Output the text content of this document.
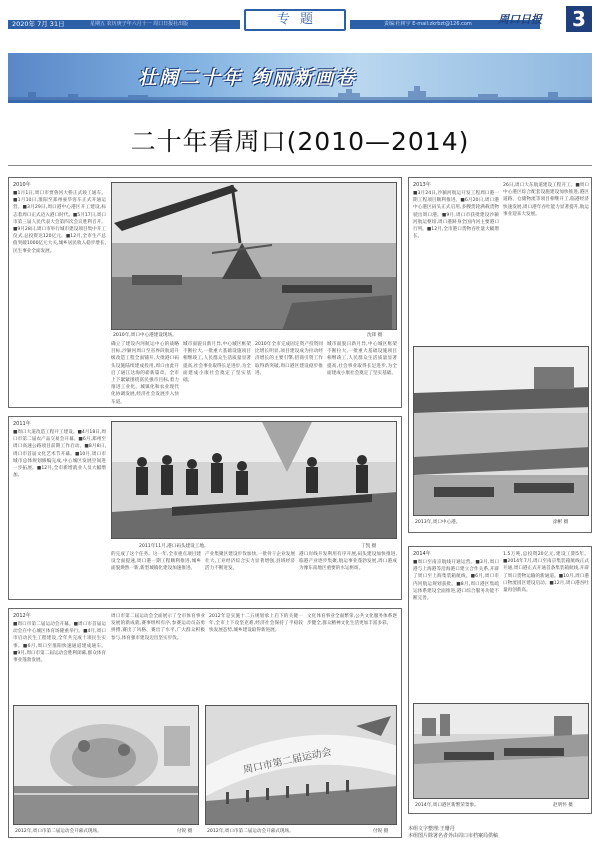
2020年 7月 31日	星期五 农历庚子年六月十一 周口日报社出版	专题	责编:杜树宇 E-mail:zkrbzt@126.com 周口日报	3
壮阔二十年 绚丽新画卷
二十年看周口(2010—2014)
2010年
■1月1日,周口市贾鲁河大桥正式竣工通车。■1月10日,淮阳至郑州豪华客车正式开通运营。■3月29日,周口港中心港区开工建设,标志着周口正式迈入港口时代。■5月17日,周口市第三届人民代表大会第四次会议胜利召开。■9月28日,周口市举行城市建设项目集中开工仪式,总投资达120亿元。■12月,全市生产总值突破1000亿元大关,城乡居民收入稳步增长,民生事业全面发展。
2010年,周口中心港建设现场。	沈锋 摄
确立了建设内河航运中心的战略目标,沙颍河周口至省界段航道升级改造工程全面铺开,大批港口码头设施陆续建成投用,周口由此开启了通江达海的崭新篇章。全市上下紧紧围绕富民强市目标,着力推进工业化、城镇化和农业现代化协调发展,经济社会发展步入快车道。
城市面貌日新月异,中心城区框架不断拉大,一批重大基础设施项目相继竣工,人民群众生活质量显著提高,社会事业取得长足进步,为全面建成小康社会奠定了坚实基础。
2010年全市完成固定资产投资同比增长明显,项目建设成为拉动经济增长的主要引擎,招商引资工作取得新突破,周口港区建设稳步推进。
城市面貌日新月异,中心城区框架不断拉大,一批重大基础设施项目相继竣工,人民群众生活质量显著提高,社会事业取得长足进步,为全面建成小康社会奠定了坚实基础。
2011年
■周口大道改造工程开工建设。■4月18日,周口市第二届农产品交易会开幕。■6月,郑州至周口高速公路项目前期工作启动。■8月8日,周口市首届文化艺术节开幕。■10月,周口市城市总体规划修编完成,中心城区发展空间进一步拓展。■12月,全市新增就业人员大幅增加。
2011年11月,港口码头建设工地。	丁凯 摄
的完成了这个任务。这一年,全市重点项目建设全面提速,周口港一期工程顺利推进,城乡面貌焕然一新,新型城镇化建设加速推进。
产业集聚区建设步伐加快,一批骨干企业发展壮大,工业经济综合实力显著增强,县域经济活力不断迸发。
港口岸线开发利用有序开展,码头建设加快推进,临港产业逐步集聚,航运事业蓬勃发展,周口港成为豫东南地区重要的水运枢纽。
2012年
■周口市第二届运动会开幕。■周口市首届运动会在中心城区体育场隆重举行。■4月,周口市启动民生工程建设,全年共完成十项民生实事。■6月,周口至淮阳快速通道建成通车。■9月,周口市第二届运动会胜利闭幕,群众体育事业蓬勃发展。
周口市第二届运动会全面展示了全市体育事业发展的新成就,赛事组织有序,参赛运动员奋勇拼搏,赛出了风格、赛出了水平,广大群众积极参与,体育强市建设迈出坚实步伐。
2012年是实施十二五规划承上启下的关键一年,全市上下攻坚克难,经济社会保持了平稳较快发展态势,城乡建设取得新进展。
文化体育事业全面繁荣,公共文化服务体系逐步健全,群众精神文化生活更加丰富多彩。
2012年,周口市第二届运动会开幕式现场。	付锐 摄
周口市第二届运动会
2012年,周口市第二届运动会开幕式现场。	付锐 摄
2013年
■3月24日,沙颍河航运开发工程周口港一期工程项目顺利推进。■6月20日,周口港中心港区码头正式启用,多艘货轮满载货物驶出周口港。■9月,周口市获批建设沙颍河航运枢纽,周口港跻身全国内河主要港口行列。■12月,全市港口货物吞吐量大幅增长。
26日,周口大东航道建设工程开工。■周口中心港区综合配套设施建设加快推进,港区道路、仓储物流等项目相继开工,临港经济快速发展,周口港年吞吐能力显著提升,航运事业迎来大发展。
2013年,周口中心港。	徐彬 摄
2014年
■周口至南京航线开通运营。■3月,周口港与上海港等沿海港口建立合作关系,开辟了周口至上海集装箱航线。■6月,周口市内河航运规划获批。■8月,周口港区集疏运体系建设全面推进,港口综合服务功能不断完善。
1.5万吨,总投资20亿元,建设工期5年。■2014年7月,周口至南京集装箱航线正式开通,周口港正式开通首条集装箱航线,开辟了周口货物运输的新通道。■10月,周口港口物流园区建设启动。■12月,周口港吞吐量再创新高。
2014年,周口港区新繁荣景象。	赵明怀 摄
本组文字整理:王珊丹
本组图片除署名者外由周口市档案局供稿
